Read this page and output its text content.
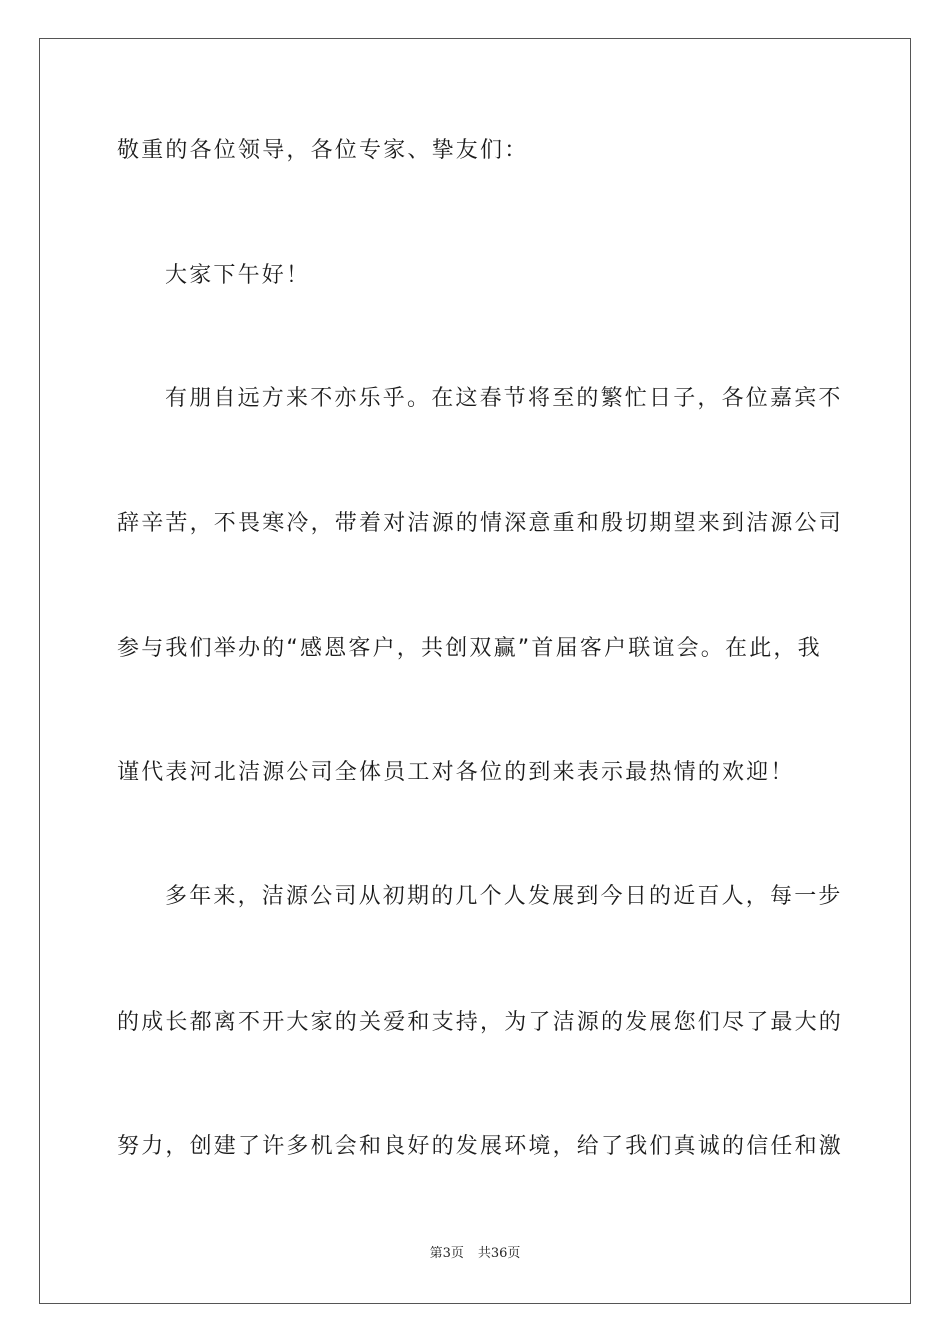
敬重的各位领导，各位专家、挚友们：
大家下午好！
有朋自远方来不亦乐乎。在这春节将至的繁忙日子，各位嘉宾不
辞辛苦，不畏寒冷，带着对洁源的情深意重和殷切期望来到洁源公司
参与我们举办的“感恩客户，共创双赢”首届客户联谊会。在此，我
谨代表河北洁源公司全体员工对各位的到来表示最热情的欢迎！
多年来，洁源公司从初期的几个人发展到今日的近百人，每一步
的成长都离不开大家的关爱和支持，为了洁源的发展您们尽了最大的
努力，创建了许多机会和良好的发展环境，给了我们真诚的信任和激
第3页 共36页
